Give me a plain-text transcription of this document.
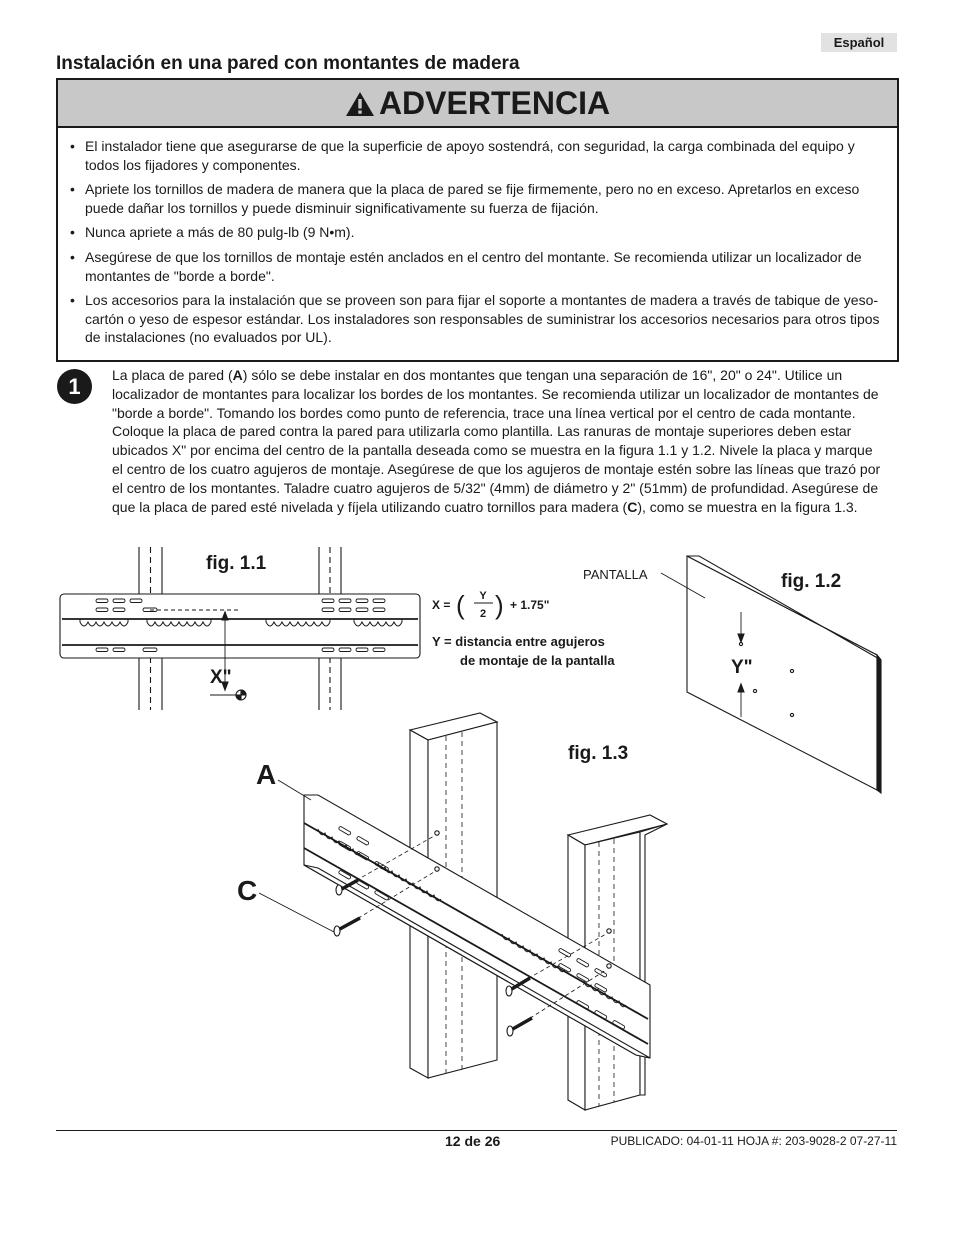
Español
Instalación en una pared con montantes de madera
ADVERTENCIA
• El instalador tiene que asegurarse de que la superficie de apoyo sostendrá, con seguridad, la carga combinada del equipo y todos los fijadores y componentes.
• Apriete los tornillos de madera de manera que la placa de pared se fije firmemente, pero no en exceso. Apretarlos en exceso puede dañar los tornillos y puede disminuir significativamente su fuerza de fijación.
• Nunca apriete a más de 80 pulg-lb (9 N•m).
• Asegúrese de que los tornillos de montaje estén anclados en el centro del montante. Se recomienda utilizar un localizador de montantes de "borde a borde".
• Los accesorios para la instalación que se proveen son para fijar el soporte a montantes de madera a través de tabique de yeso-cartón o yeso de espesor estándar. Los instaladores son responsables de suministrar los accesorios necesarios para otros tipos de instalaciones (no evaluados por UL).
1	La placa de pared (A) sólo se debe instalar en dos montantes que tengan una separación de 16", 20" o 24". Utilice un localizador de montantes para localizar los bordes de los montantes. Se recomienda utilizar un localizador de montantes de "borde a borde". Tomando los bordes como punto de referencia, trace una línea vertical por el centro de cada montante. Coloque la placa de pared contra la pared para utilizarla como plantilla. Las ranuras de montaje superiores deben estar ubicados X" por encima del centro de la pantalla deseada como se muestra en la figura 1.1 y 1.2. Nivele la placa y marque el centro de los cuatro agujeros de montaje. Asegúrese de que los agujeros de montaje estén sobre las líneas que trazó por el centro de los montantes. Taladre cuatro agujeros de 5/32" (4mm) de diámetro y 2" (51mm) de profundidad. Asegúrese de que la placa de pared esté nivelada y fíjela utilizando cuatro tornillos para madera (C), como se muestra en la figura 1.3.

fig. 1.1
X"
X = ( Y
2 ) + 1.75"
Y = distancia entre agujeros
de montaje de la pantalla
PANTALLA	fig. 1.2
Y"
fig. 1.3
A
C
12 de 26	PUBLICADO: 04-01-11 HOJA #: 203-9028-2 07-27-11
